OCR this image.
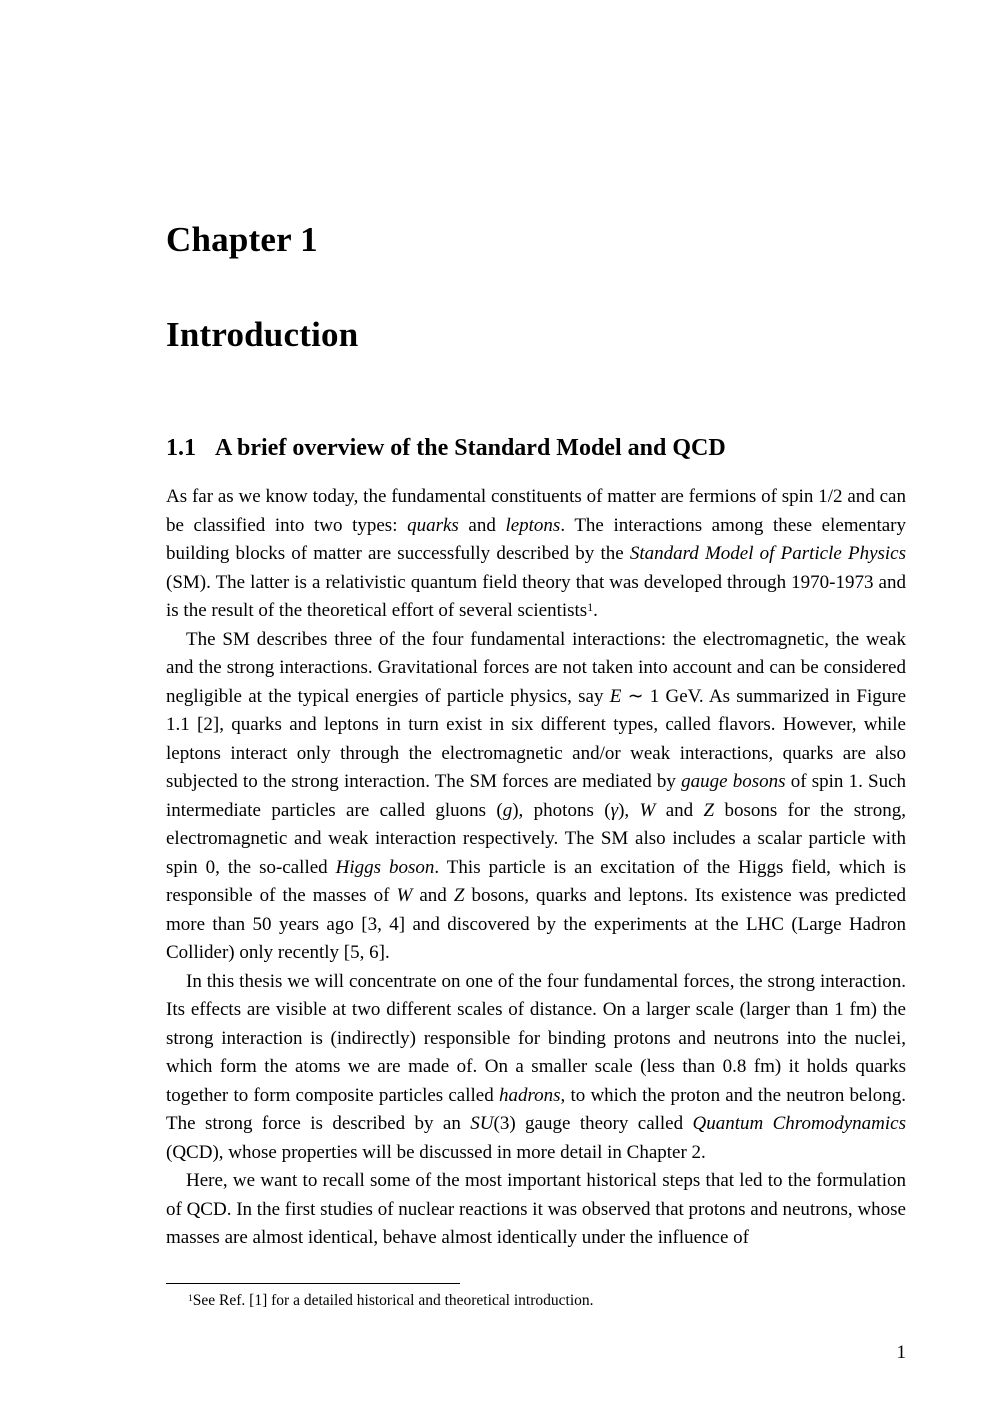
Chapter 1
Introduction
1.1 A brief overview of the Standard Model and QCD

As far as we know today, the fundamental constituents of matter are fermions of spin 1/2 and can be classified into two types: quarks and leptons. The interactions among these elementary building blocks of matter are successfully described by the Standard Model of Particle Physics (SM). The latter is a relativistic quantum field theory that was developed through 1970-1973 and is the result of the theoretical effort of several scientists$^1$.

The SM describes three of the four fundamental interactions: the electromagnetic, the weak and the strong interactions. Gravitational forces are not taken into account and can be considered negligible at the typical energies of particle physics, say E ∼ 1 GeV. As summarized in Figure 1.1 [2], quarks and leptons in turn exist in six different types, called flavors. However, while leptons interact only through the electromagnetic and/or weak interactions, quarks are also subjected to the strong interaction. The SM forces are mediated by gauge bosons of spin 1. Such intermediate particles are called gluons (g), photons (γ), W and Z bosons for the strong, electromagnetic and weak interaction respectively. The SM also includes a scalar particle with spin 0, the so-called Higgs boson. This particle is an excitation of the Higgs field, which is responsible of the masses of W and Z bosons, quarks and leptons. Its existence was predicted more than 50 years ago [3, 4] and discovered by the experiments at the LHC (Large Hadron Collider) only recently [5, 6].

In this thesis we will concentrate on one of the four fundamental forces, the strong interaction. Its effects are visible at two different scales of distance. On a larger scale (larger than 1 fm) the strong interaction is (indirectly) responsible for binding protons and neutrons into the nuclei, which form the atoms we are made of. On a smaller scale (less than 0.8 fm) it holds quarks together to form composite particles called hadrons, to which the proton and the neutron belong. The strong force is described by an SU(3) gauge theory called Quantum Chromodynamics (QCD), whose properties will be discussed in more detail in Chapter 2.

Here, we want to recall some of the most important historical steps that led to the formulation of QCD. In the first studies of nuclear reactions it was observed that protons and neutrons, whose masses are almost identical, behave almost identically under the influence of

$^1$See Ref. [1] for a detailed historical and theoretical introduction.

1
